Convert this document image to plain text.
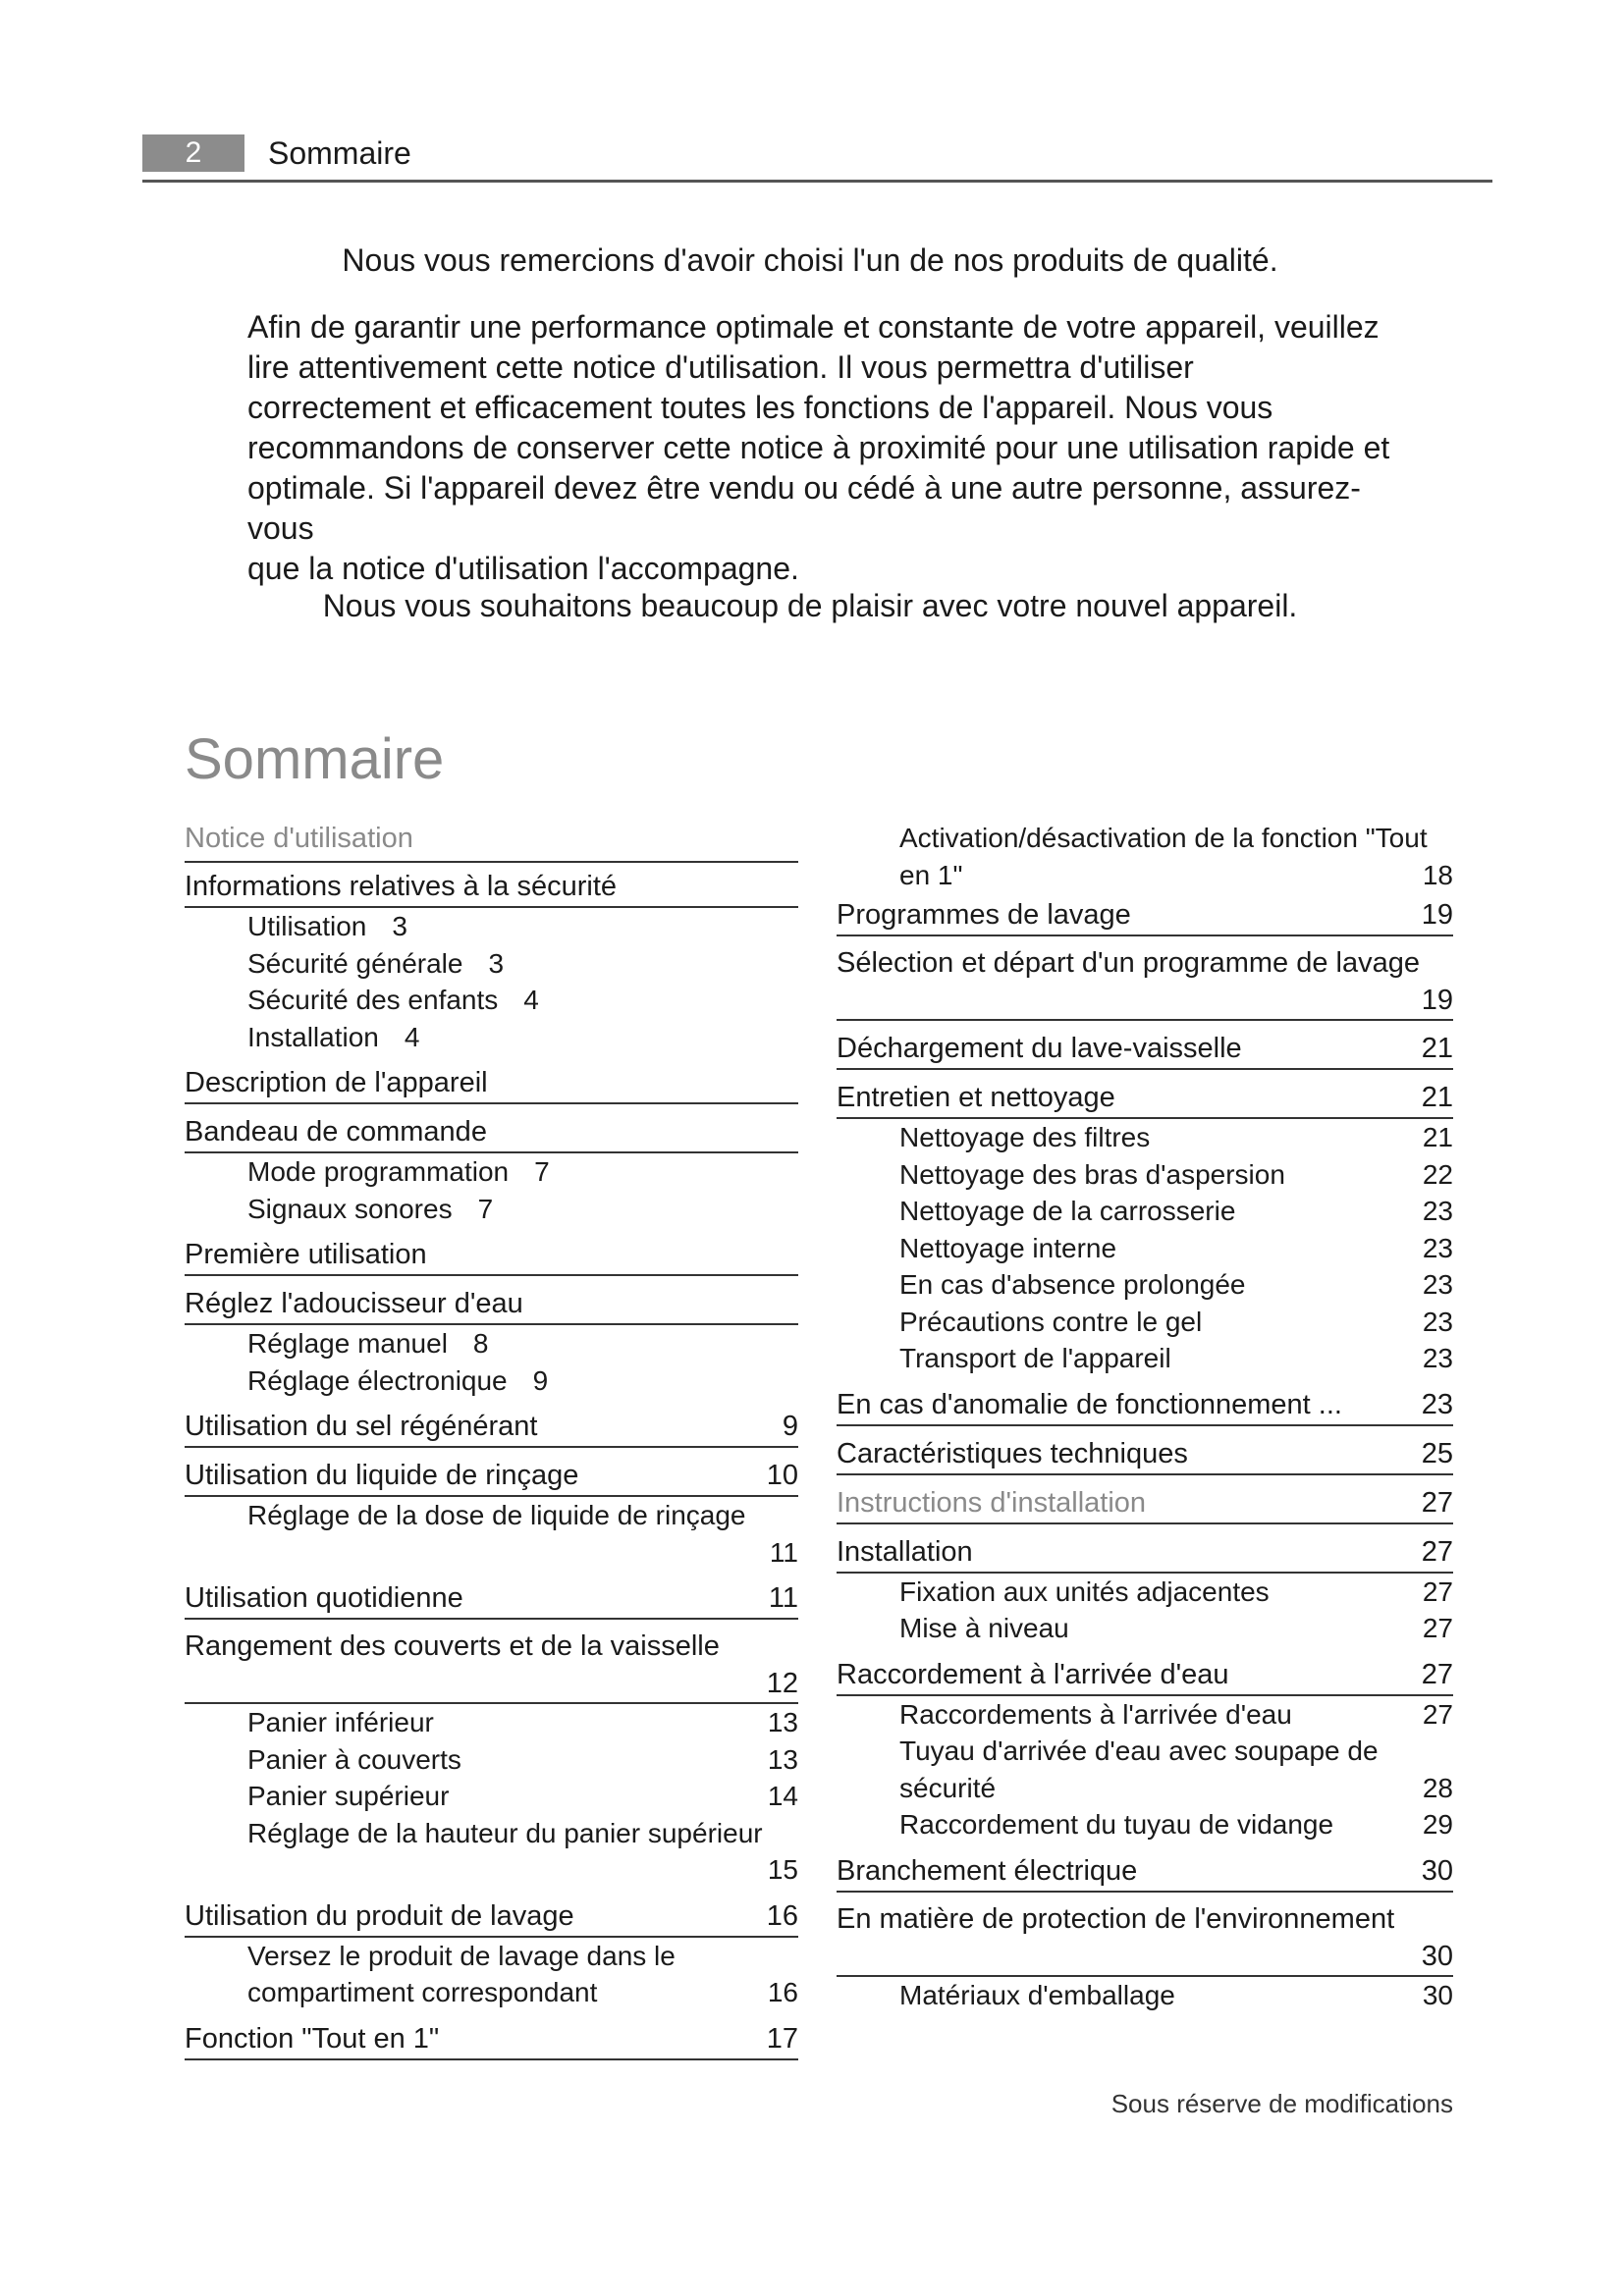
2	Sommaire
Nous vous remercions d'avoir choisi l'un de nos produits de qualité.
Afin de garantir une performance optimale et constante de votre appareil, veuillez
lire attentivement cette notice d'utilisation. Il vous permettra d'utiliser
correctement et efficacement toutes les fonctions de l'appareil. Nous vous
recommandons de conserver cette notice à proximité pour une utilisation rapide et
optimale. Si l'appareil devez être vendu ou cédé à une autre personne, assurez-vous
que la notice d'utilisation l'accompagne.
Nous vous souhaitons beaucoup de plaisir avec votre nouvel appareil.
Sommaire
Notice d'utilisation
Informations relatives à la sécurité
Utilisation 3
Sécurité générale 3
Sécurité des enfants 4
Installation 4
Description de l'appareil
Bandeau de commande
Mode programmation 7
Signaux sonores 7
Première utilisation
Réglez l'adoucisseur d'eau
Réglage manuel 8
Réglage électronique 9
Utilisation du sel régénérant	9
Utilisation du liquide de rinçage	10
Réglage de la dose de liquide de rinçage
11
Utilisation quotidienne	11
Rangement des couverts et de la vaisselle
12
Panier inférieur	13
Panier à couverts	13
Panier supérieur	14
Réglage de la hauteur du panier supérieur
15
Utilisation du produit de lavage	16
Versez le produit de lavage dans le
compartiment correspondant	16
Fonction "Tout en 1"	17
Activation/désactivation de la fonction "Tout
en 1"	18
Programmes de lavage	19
Sélection et départ d'un programme de lavage
19
Déchargement du lave-vaisselle	21
Entretien et nettoyage	21
Nettoyage des filtres	21
Nettoyage des bras d'aspersion	22
Nettoyage de la carrosserie	23
Nettoyage interne	23
En cas d'absence prolongée	23
Précautions contre le gel	23
Transport de l'appareil	23
En cas d'anomalie de fonctionnement ...	23
Caractéristiques techniques	25
Instructions d'installation	27
Installation	27
Fixation aux unités adjacentes	27
Mise à niveau	27
Raccordement à l'arrivée d'eau	27
Raccordements à l'arrivée d'eau	27
Tuyau d'arrivée d'eau avec soupape de
sécurité	28
Raccordement du tuyau de vidange	29
Branchement électrique	30
En matière de protection de l'environnement
30
Matériaux d'emballage	30
Sous réserve de modifications
